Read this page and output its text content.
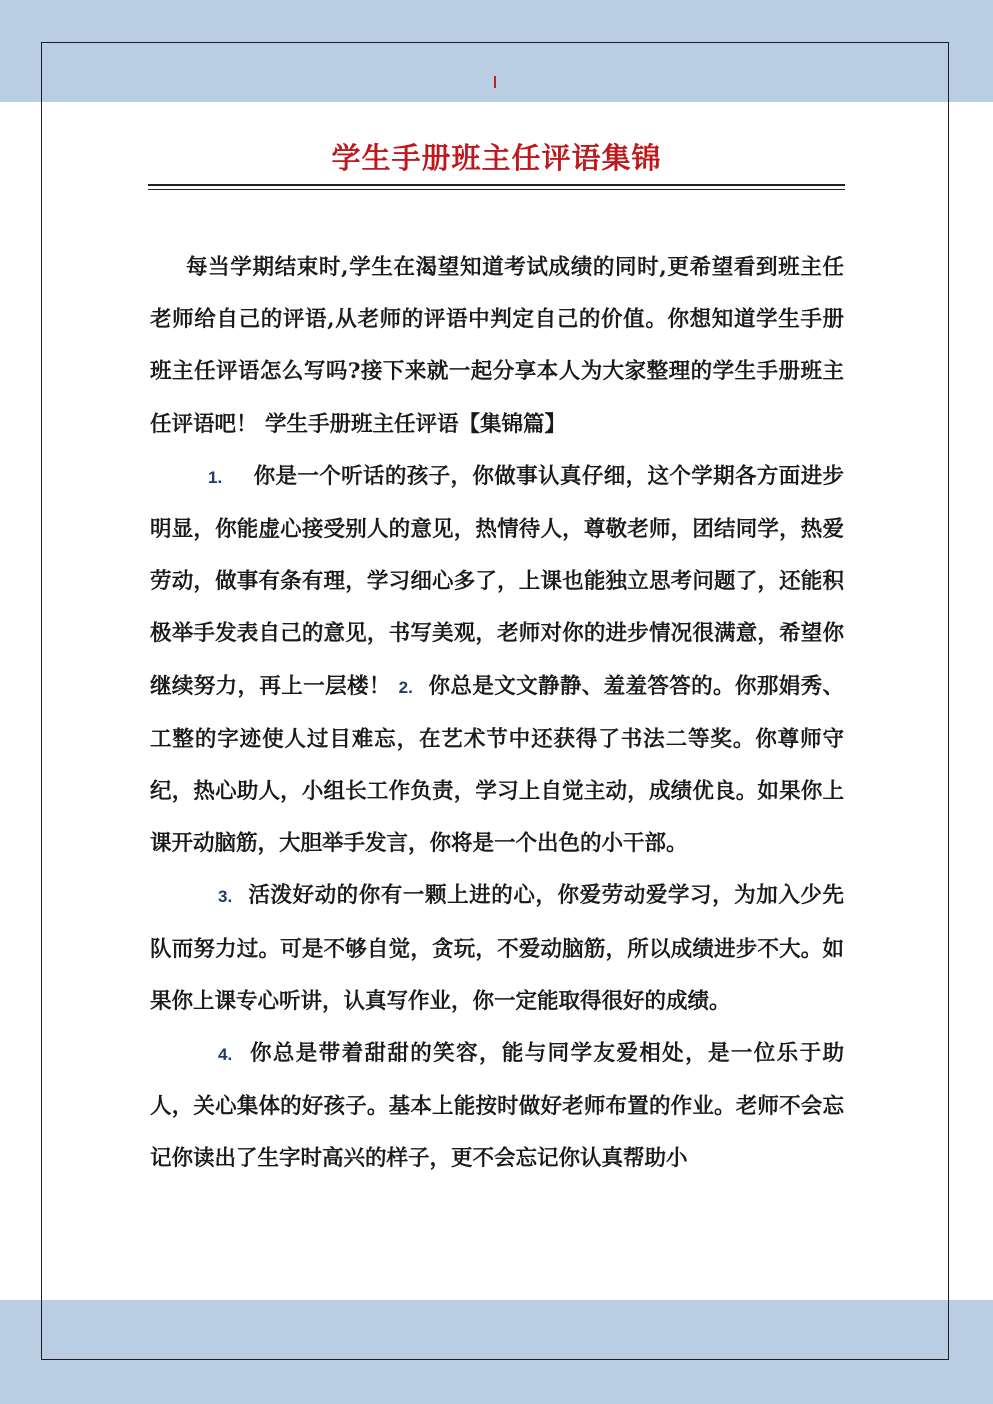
学生手册班主任评语集锦

每当学期结束时,学生在渴望知道考试成绩的同时,更希望看到班主任老师给自己的评语,从老师的评语中判定自己的价值。你想知道学生手册班主任评语怎么写吗?接下来就一起分享本人为大家整理的学生手册班主任评语吧！ 学生手册班主任评语【集锦篇】

1. 你是一个听话的孩子，你做事认真仔细，这个学期各方面进步明显，你能虚心接受别人的意见，热情待人，尊敬老师，团结同学，热爱劳动，做事有条有理，学习细心多了，上课也能独立思考问题了，还能积极举手发表自己的意见，书写美观，老师对你的进步情况很满意，希望你继续努力，再上一层楼！ 2. 你总是文文静静、羞羞答答的。你那娟秀、工整的字迹使人过目难忘，在艺术节中还获得了书法二等奖。你尊师守纪，热心助人，小组长工作负责，学习上自觉主动，成绩优良。如果你上课开动脑筋，大胆举手发言，你将是一个出色的小干部。

3. 活泼好动的你有一颗上进的心，你爱劳动爱学习，为加入少先队而努力过。可是不够自觉，贪玩，不爱动脑筋，所以成绩进步不大。如果你上课专心听讲，认真写作业，你一定能取得很好的成绩。

4. 你总是带着甜甜的笑容，能与同学友爱相处，是一位乐于助人，关心集体的好孩子。基本上能按时做好老师布置的作业。老师不会忘记你读出了生字时高兴的样子，更不会忘记你认真帮助小
